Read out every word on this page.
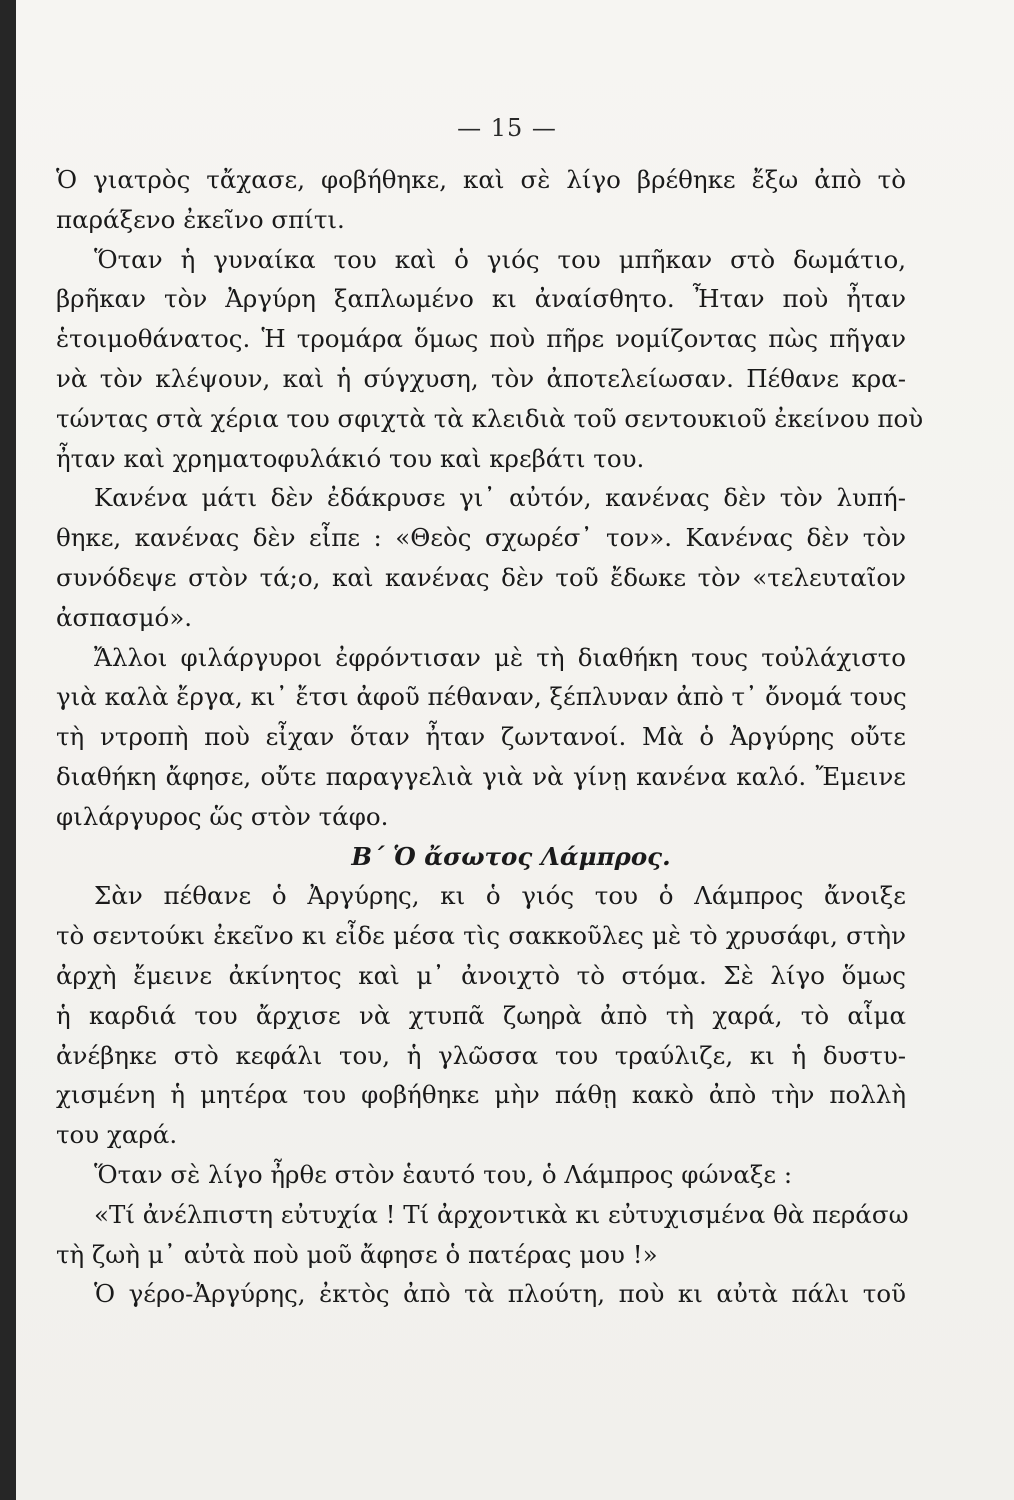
— 15 —
Ὁ γιατρὸς τἄχασε, φοβήθηκε, καὶ σὲ λίγο βρέθηκε ἔξω ἀπὸ τὸ
παράξενο ἐκεῖνο σπίτι.
Ὅταν ἡ γυναίκα του καὶ ὁ γιός του μπῆκαν στὸ δωμάτιο,
βρῆκαν τὸν Ἀργύρη ξαπλωμένο κι ἀναίσθητο. Ἦταν ποὺ ἦταν
ἑτοιμοθάνατος. Ἡ τρομάρα ὅμως ποὺ πῆρε νομίζοντας πὼς πῆγαν
νὰ τὸν κλέψουν, καὶ ἡ σύγχυση, τὸν ἀποτελείωσαν. Πέθανε κρα-
τώντας στὰ χέρια του σφιχτὰ τὰ κλειδιὰ τοῦ σεντουκιοῦ ἐκείνου ποὺ
ἦταν καὶ χρηματοφυλάκιό του καὶ κρεβάτι του.
Κανένα μάτι δὲν ἐδάκρυσε γι᾽ αὐτόν, κανένας δὲν τὸν λυπή-
θηκε, κανένας δὲν εἶπε : «Θεὸς σχωρέσ᾽ τον». Κανένας δὲν τὸν
συνόδεψε στὸν τά;ο, καὶ κανένας δὲν τοῦ ἔδωκε τὸν «τελευταῖον
ἀσπασμό».
Ἄλλοι φιλάργυροι ἐφρόντισαν μὲ τὴ διαθήκη τους τοὐλάχιστο
γιὰ καλὰ ἔργα, κι᾽ ἔτσι ἀφοῦ πέθαναν, ξέπλυναν ἀπὸ τ᾽ ὄνομά τους
τὴ ντροπὴ ποὺ εἶχαν ὅταν ἦταν ζωντανοί. Μὰ ὁ Ἀργύρης οὔτε
διαθήκη ἄφησε, οὔτε παραγγελιὰ γιὰ νὰ γίνῃ κανένα καλό. Ἔμεινε
φιλάργυρος ὥς στὸν τάφο.
Β΄ Ὁ ἄσωτος Λάμπρος.
Σὰν πέθανε ὁ Ἀργύρης, κι ὁ γιός του ὁ Λάμπρος ἄνοιξε
τὸ σεντούκι ἐκεῖνο κι εἶδε μέσα τὶς σακκοῦλες μὲ τὸ χρυσάφι, στὴν
ἀρχὴ ἔμεινε ἀκίνητος καὶ μ᾽ ἀνοιχτὸ τὸ στόμα. Σὲ λίγο ὅμως
ἡ καρδιά του ἄρχισε νὰ χτυπᾶ ζωηρὰ ἀπὸ τὴ χαρά, τὸ αἷμα
ἀνέβηκε στὸ κεφάλι του, ἡ γλῶσσα του τραύλιζε, κι ἡ δυστυ-
χισμένη ἡ μητέρα του φοβήθηκε μὴν πάθῃ κακὸ ἀπὸ τὴν πολλὴ
του χαρά.
Ὅταν σὲ λίγο ἦρθε στὸν ἑαυτό του, ὁ Λάμπρος φώναξε :
«Τί ἀνέλπιστη εὐτυχία ! Τί ἀρχοντικὰ κι εὐτυχισμένα θὰ περάσω
τὴ ζωὴ μ᾽ αὐτὰ ποὺ μοῦ ἄφησε ὁ πατέρας μου !»
Ὁ γέρο-Ἀργύρης, ἐκτὸς ἀπὸ τὰ πλούτη, ποὺ κι αὐτὰ πάλι τοῦ
